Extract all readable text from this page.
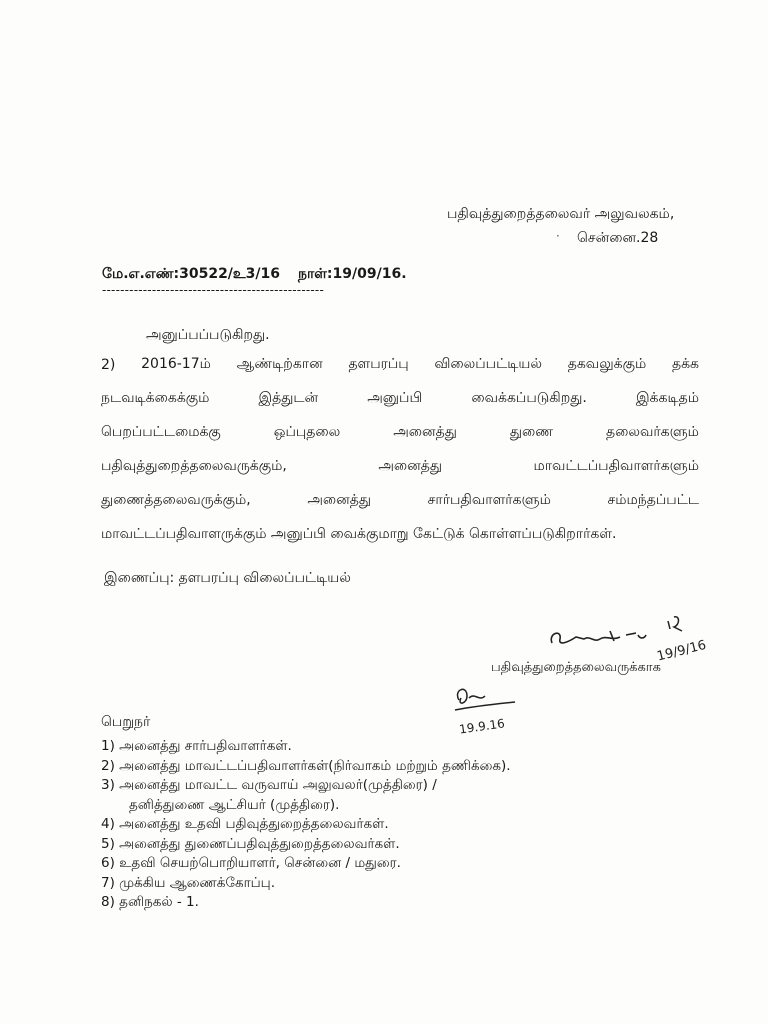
பதிவுத்துறைத்தலைவர் அலுவலகம்,
· சென்னை.28
மே.எ.எண்:30522/உ3/16 நாள்:19/09/16.
-------------------------------------------------
அனுப்பப்படுகிறது.
2) 2016-17ம் ஆண்டிற்கான தளபரப்பு விலைப்பட்டியல் தகவலுக்கும் தக்க
நடவடிக்கைக்கும்	இத்துடன்	அனுப்பி	வைக்கப்படுகிறது.	இக்கடிதம்
பெறப்பட்டமைக்கு	ஒப்புதலை	அனைத்து	துணை	தலைவர்களும்
பதிவுத்துறைத்தலைவருக்கும்,	அனைத்து	மாவட்டப்பதிவாளர்களும்
துணைத்தலைவருக்கும்,	அனைத்து	சார்பதிவாளர்களும்	சம்மந்தப்பட்ட
மாவட்டப்பதிவாளருக்கும் அனுப்பி வைக்குமாறு கேட்டுக் கொள்ளப்படுகிறார்கள்.
இணைப்பு: தளபரப்பு விலைப்பட்டியல்
19/9/16
பதிவுத்துறைத்தலைவருக்காக
19.9.16
பெறுநர்
1) அனைத்து சார்பதிவாளர்கள்.
2) அனைத்து மாவட்டப்பதிவாளர்கள்(நிர்வாகம் மற்றும் தணிக்கை).
3) அனைத்து மாவட்ட வருவாய் அலுவலர்(முத்திரை) /
தனித்துணை ஆட்சியர் (முத்திரை).
4) அனைத்து உதவி பதிவுத்துறைத்தலைவர்கள்.
5) அனைத்து துணைப்பதிவுத்துறைத்தலைவர்கள்.
6) உதவி செயற்பொறியாளர், சென்னை / மதுரை.
7) முக்கிய ஆணைக்கோப்பு.
8) தனிநகல் - 1.
